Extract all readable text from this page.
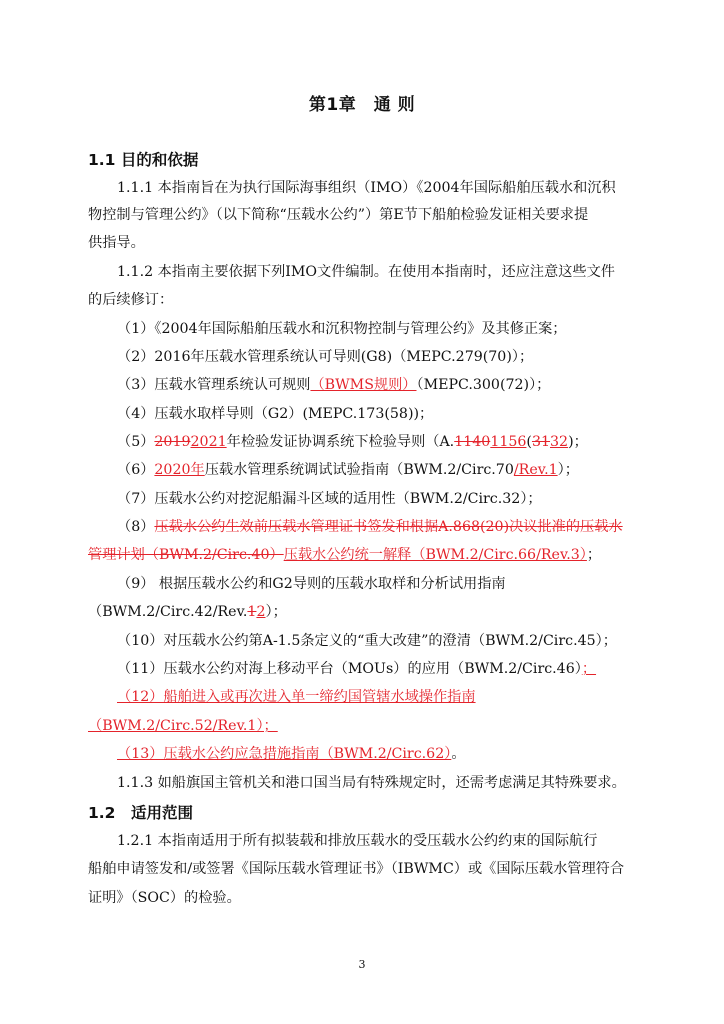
第1章　通 则
1.1 目的和依据
1.1.1 本指南旨在为执行国际海事组织（IMO）《2004年国际船舶压载水和沉积
物控制与管理公约》（以下简称“压载水公约”）第E节下船舶检验发证相关要求提
供指导。
1.1.2 本指南主要依据下列IMO文件编制。在使用本指南时，还应注意这些文件
的后续修订：
（1）《2004年国际船舶压载水和沉积物控制与管理公约》及其修正案；
（2）2016年压载水管理系统认可导则(G8)（MEPC.279(70)）；
（3）压载水管理系统认可规则（BWMS规则）（MEPC.300(72)）；
（4）压载水取样导则（G2）(MEPC.173(58))；
（5）20192021年检验发证协调系统下检验导则（A.11401156(3132)；
（6）2020年压载水管理系统调试试验指南（BWM.2/Circ.70/Rev.1）；
（7）压载水公约对挖泥船漏斗区域的适用性（BWM.2/Circ.32）；
（8）压载水公约生效前压载水管理证书签发和根据A.868(20)决议批准的压载水
管理计划（BWM.2/Circ.40）压载水公约统一解释（BWM.2/Circ.66/Rev.3）；
（9） 根据压载水公约和G2导则的压载水取样和分析试用指南
（BWM.2/Circ.42/Rev.12）；
（10）对压载水公约第A-1.5条定义的“重大改建”的澄清（BWM.2/Circ.45）；
（11）压载水公约对海上移动平台（MOUs）的应用（BWM.2/Circ.46）；
（12）船舶进入或再次进入单一缔约国管辖水域操作指南
（BWM.2/Circ.52/Rev.1）；
（13）压载水公约应急措施指南（BWM.2/Circ.62）。
1.1.3 如船旗国主管机关和港口国当局有特殊规定时，还需考虑满足其特殊要求。
1.2　适用范围
1.2.1 本指南适用于所有拟装载和排放压载水的受压载水公约约束的国际航行
船舶申请签发和/或签署《国际压载水管理证书》（IBWMC）或《国际压载水管理符合
证明》（SOC）的检验。
3
